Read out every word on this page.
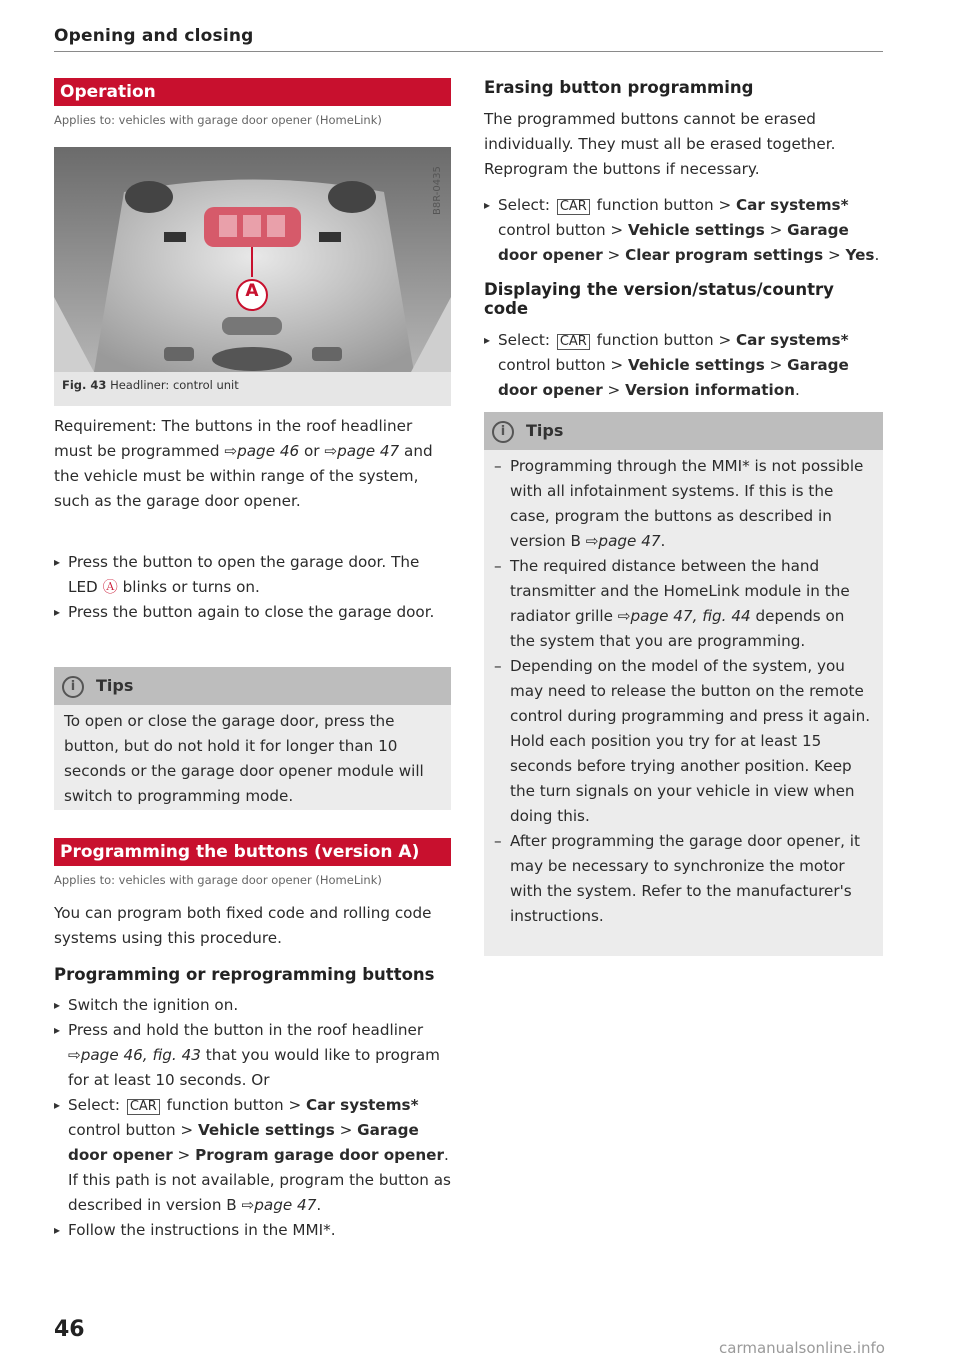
Opening and closing
Operation
Applies to: vehicles with garage door opener (HomeLink)
A
B8R-0435
Fig. 43 Headliner: control unit

Requirement: The buttons in the roof headliner must be programmed ⇨page 46 or ⇨page 47 and the vehicle must be within range of the system, such as the garage door opener.

▸ Press the button to open the garage door. The LED Ⓐ blinks or turns on.
▸ Press the button again to close the garage door.
i Tips

To open or close the garage door, press the button, but do not hold it for longer than 10 seconds or the garage door opener module will switch to programming mode.

Programming the buttons (version A)
Applies to: vehicles with garage door opener (HomeLink)

You can program both fixed code and rolling code systems using this procedure.

Programming or reprogramming buttons
▸ Switch the ignition on.
▸ Press and hold the button in the roof headliner ⇨page 46, fig. 43 that you would like to program for at least 10 seconds. Or
▸ Select: CAR function button > Car systems* control button > Vehicle settings > Garage door opener > Program garage door opener. If this path is not available, program the button as described in version B ⇨page 47.
▸ Follow the instructions in the MMI*.
Erasing button programming

The programmed buttons cannot be erased individually. They must all be erased together. Reprogram the buttons if necessary.

▸ Select: CAR function button > Car systems* control button > Vehicle settings > Garage door opener > Clear program settings > Yes.
Displaying the version/status/country code
▸ Select: CAR function button > Car systems* control button > Vehicle settings > Garage door opener > Version information.
i Tips
– Programming through the MMI* is not possible with all infotainment systems. If this is the case, program the buttons as described in version B ⇨page 47.
– The required distance between the hand transmitter and the HomeLink module in the radiator grille ⇨page 47, fig. 44 depends on the system that you are programming.
– Depending on the model of the system, you may need to release the button on the remote control during programming and press it again. Hold each position you try for at least 15 seconds before trying another position. Keep the turn signals on your vehicle in view when doing this.
– After programming the garage door opener, it may be necessary to synchronize the motor with the system. Refer to the manufacturer's instructions.
46
carmanualsonline.info
